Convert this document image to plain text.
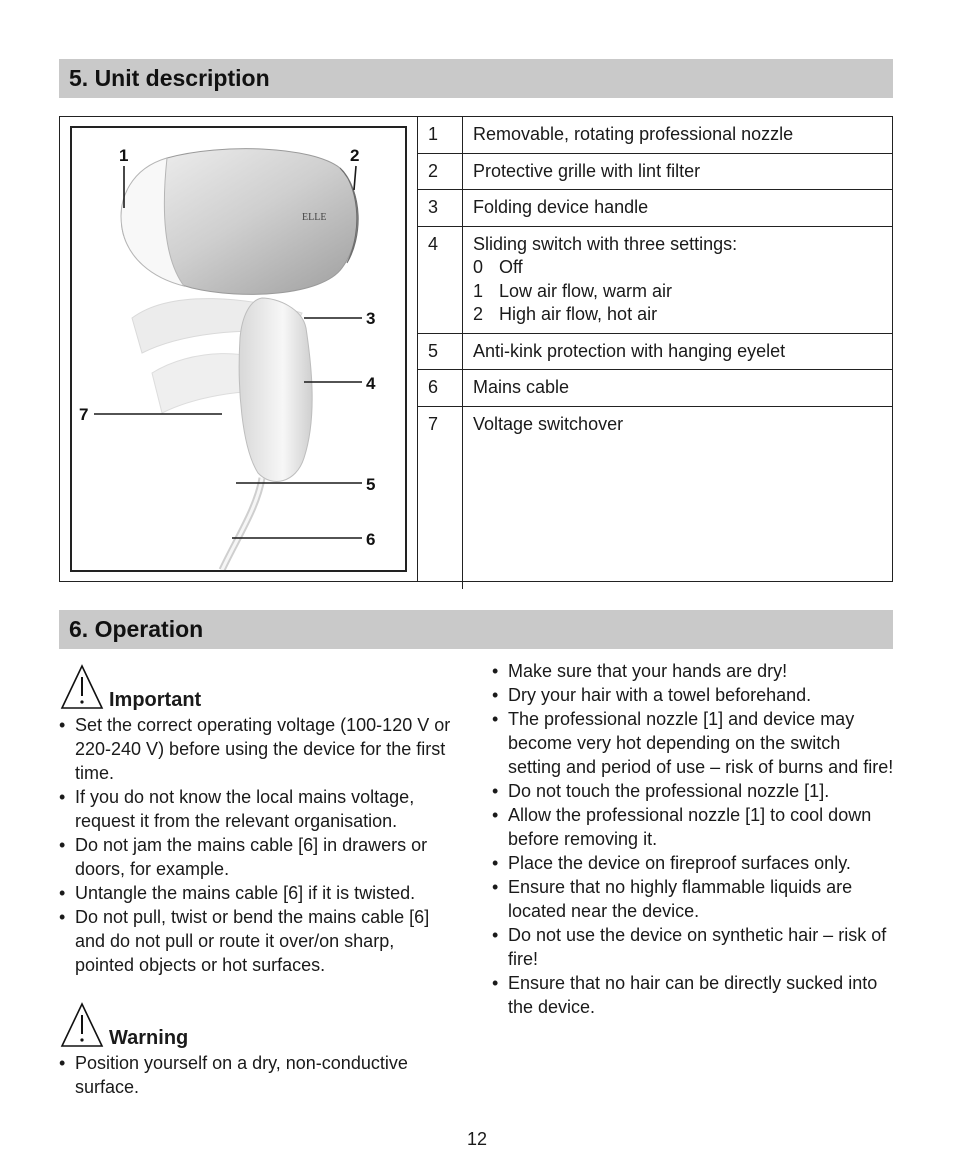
5. Unit description
ELLE
1	2
3
4
5
6
7
1	Removable, rotating professional nozzle
2	Protective grille with lint filter
3	Folding device handle
4	Sliding switch with three settings:
0 Off
1 Low air flow, warm air
2 High air flow, hot air

5	Anti-kink protection with hanging eyelet
6	Mains cable
7	Voltage switchover
6. Operation
Important
• Set the correct operating voltage (100-120 V or 220-240 V) before using the device for the first time.
• If you do not know the local mains voltage, request it from the relevant organisation.
• Do not jam the mains cable [6] in drawers or doors, for example.
• Untangle the mains cable [6] if it is twisted.
• Do not pull, twist or bend the mains cable [6] and do not pull or route it over/on sharp, pointed objects or hot surfaces.
Warning
• Position yourself on a dry, non-conductive surface.
• Make sure that your hands are dry!
• Dry your hair with a towel beforehand.
• The professional nozzle [1] and device may become very hot depending on the switch setting and period of use – risk of burns and fire!
• Do not touch the professional nozzle [1].
• Allow the professional nozzle [1] to cool down before removing it.
• Place the device on fireproof surfaces only.
• Ensure that no highly flammable liquids are located near the device.
• Do not use the device on synthetic hair – risk of fire!
• Ensure that no hair can be directly sucked into the device.
12
